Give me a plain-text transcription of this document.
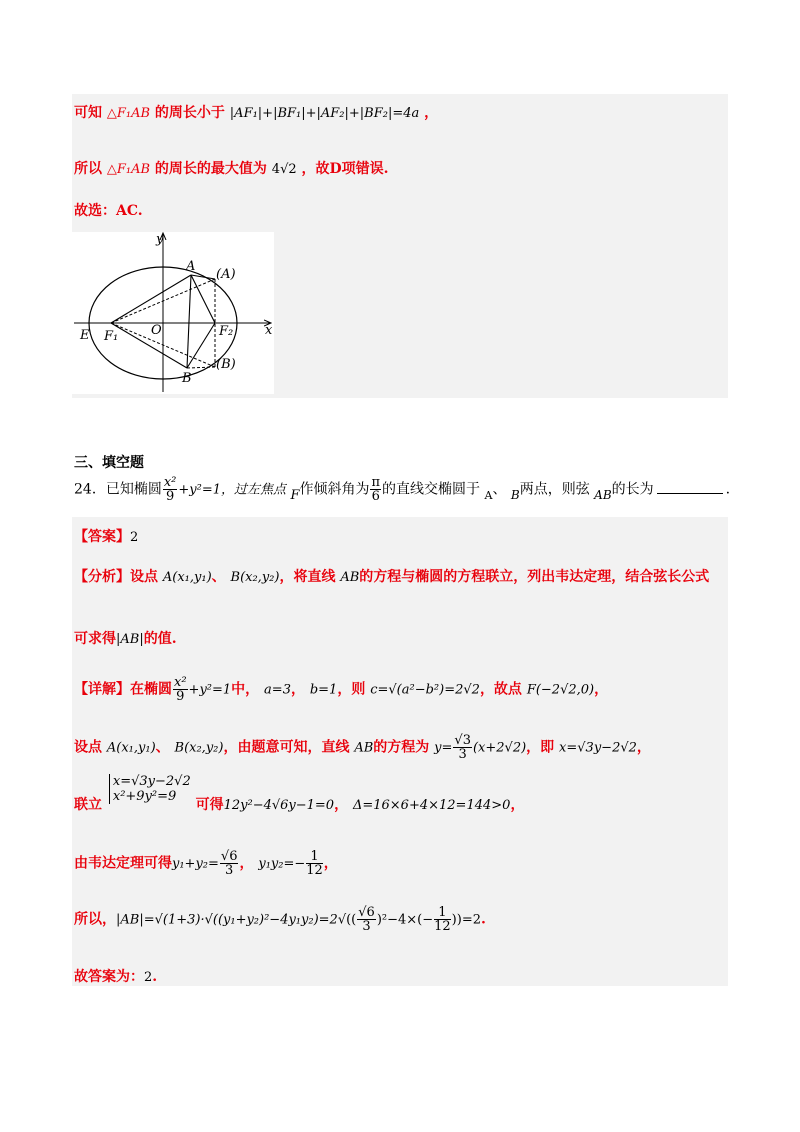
可知 △F₁AB 的周长小于 |AF₁|+|BF₁|+|AF₂|+|BF₂|=4a ，
所以 △F₁AB 的周长的最大值为 4√2 ，故D项错误.
故选：AC.
y
x
A
(A)
B
(B)
E F₁	F₂
O
三、填空题
24．已知椭圆 $\frac{\text{x²}}{9} +y^2=1$，过左焦点 F作倾斜角为 $\frac{\pi}{6}$ 的直线交椭圆于 $_A$、 B两点，则弦 AB的长为	.
【答案】2
【分析】设点 A(x₁,y₁)、 B(x₂,y₂)，将直线 AB的方程与椭圆的方程联立，列出韦达定理，结合弦长公式
可求得|AB|的值.
【详解】在椭圆 $\frac{\text{x²}}{9} +y^2=1$中， a=3， b=1，则 c=√(a²−b²)=2√2，故点 F(−2√2,0)，
设点 A(x₁,y₁)、 B(x₂,y₂)，由题意可知，直线 AB的方程为 $y= \frac{√3}{3} (x+2√2)$，即 x=√3y−2√2，
联立
x=√3y−2√2
x²+9y²=9
可得12y²−4√6y−1=0， Δ=16×6+4×12=144>0，
由韦达定理可得$y_1+y_2= \frac{√6}{3}$ ， $y_1y_2=- \frac{1}{12}$ ，
所以，$|AB|=√(1+3)\cdot√((y_1+y_2)^2-4y_1y_2)=2√(( \frac{√6}{3} )^2-4\times(- \frac{1}{12} ))=2$.
故答案为：2.
